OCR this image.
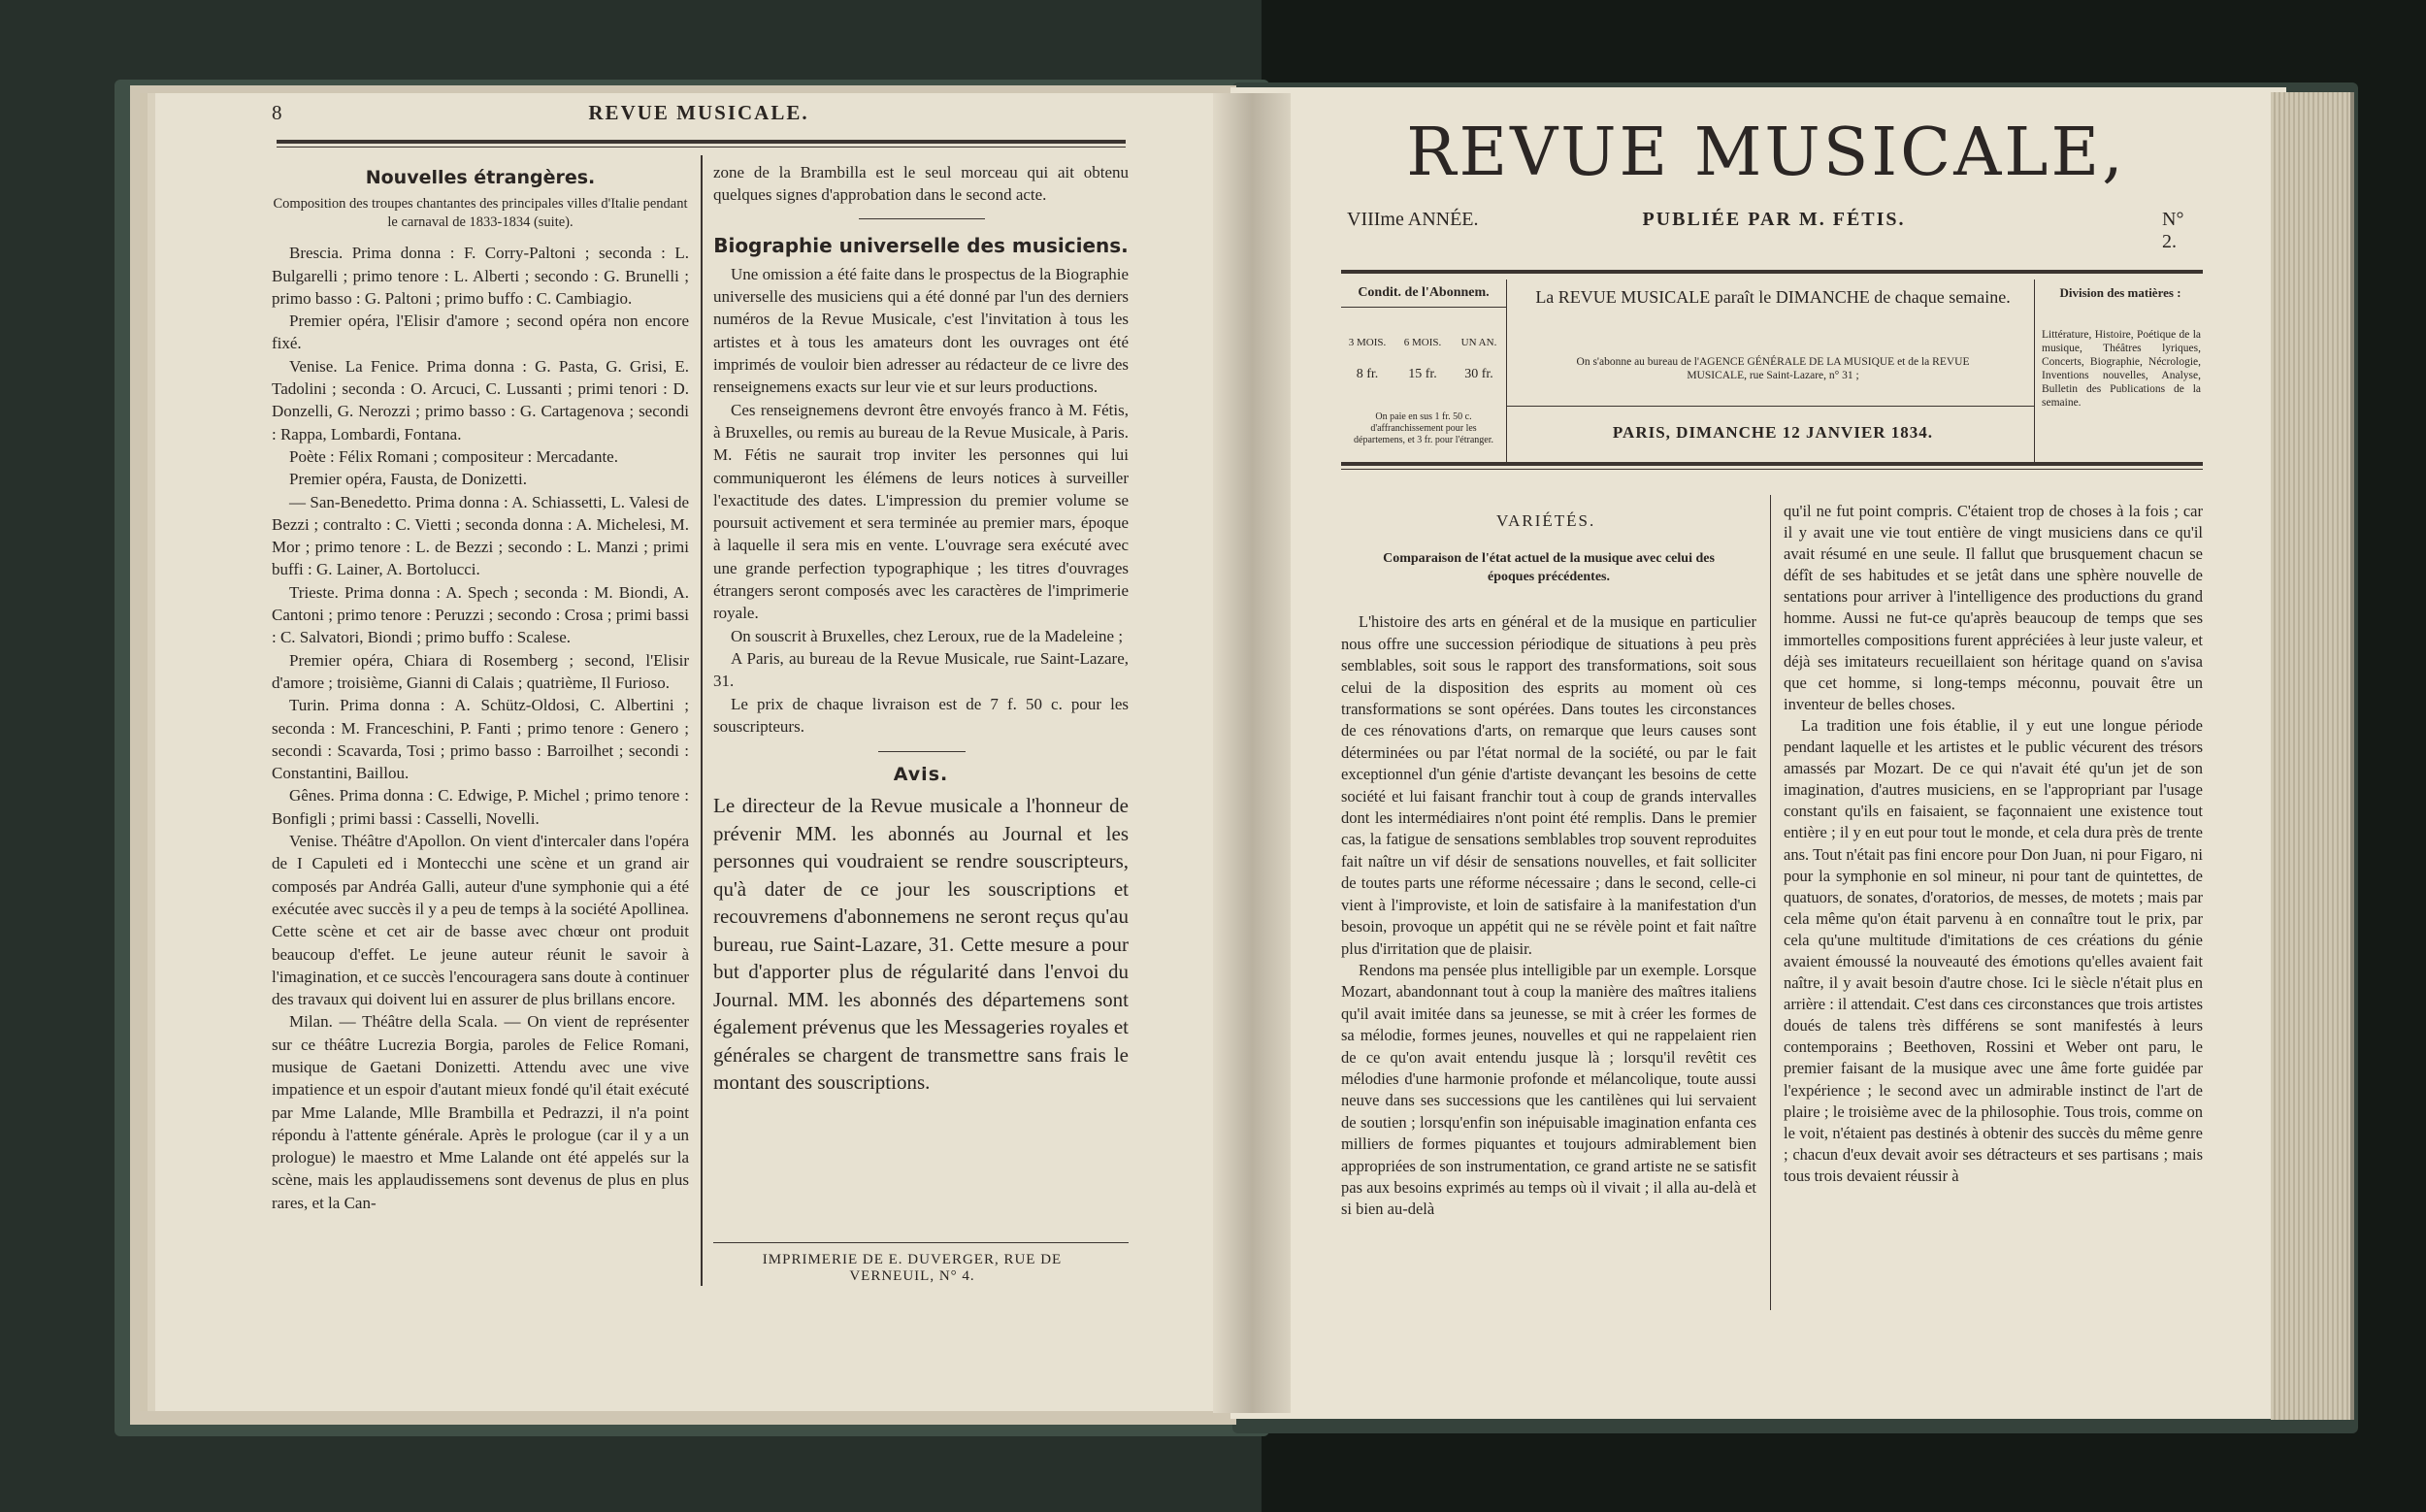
8	REVUE MUSICALE.
Nouvelles étrangères.
Composition des troupes chantantes des principales villes d'Italie pendant le carnaval de 1833-1834 (suite).

Brescia. Prima donna : F. Corry-Paltoni ; seconda : L. Bulgarelli ; primo tenore : L. Alberti ; secondo : G. Brunelli ; primo basso : G. Paltoni ; primo buffo : C. Cambiagio.

Premier opéra, l'Elisir d'amore ; second opéra non encore fixé.

Venise. La Fenice. Prima donna : G. Pasta, G. Grisi, E. Tadolini ; seconda : O. Arcuci, C. Lussanti ; primi tenori : D. Donzelli, G. Nerozzi ; primo basso : G. Cartagenova ; secondi : Rappa, Lombardi, Fontana.

Poète : Félix Romani ; compositeur : Mercadante.

Premier opéra, Fausta, de Donizetti.

— San-Benedetto. Prima donna : A. Schiassetti, L. Valesi de Bezzi ; contralto : C. Vietti ; seconda donna : A. Michelesi, M. Mor ; primo tenore : L. de Bezzi ; secondo : L. Manzi ; primi buffi : G. Lainer, A. Bortolucci.

Trieste. Prima donna : A. Spech ; seconda : M. Biondi, A. Cantoni ; primo tenore : Peruzzi ; secondo : Crosa ; primi bassi : C. Salvatori, Biondi ; primo buffo : Scalese.

Premier opéra, Chiara di Rosemberg ; second, l'Elisir d'amore ; troisième, Gianni di Calais ; quatrième, Il Furioso.

Turin. Prima donna : A. Schütz-Oldosi, C. Albertini ; seconda : M. Franceschini, P. Fanti ; primo tenore : Genero ; secondi : Scavarda, Tosi ; primo basso : Barroilhet ; secondi : Constantini, Baillou.

Gênes. Prima donna : C. Edwige, P. Michel ; primo tenore : Bonfigli ; primi bassi : Casselli, Novelli.

Venise. Théâtre d'Apollon. On vient d'intercaler dans l'opéra de I Capuleti ed i Montecchi une scène et un grand air composés par Andréa Galli, auteur d'une symphonie qui a été exécutée avec succès il y a peu de temps à la société Apollinea. Cette scène et cet air de basse avec chœur ont produit beaucoup d'effet. Le jeune auteur réunit le savoir à l'imagination, et ce succès l'encouragera sans doute à continuer des travaux qui doivent lui en assurer de plus brillans encore.

Milan. — Théâtre della Scala. — On vient de représenter sur ce théâtre Lucrezia Borgia, paroles de Felice Romani, musique de Gaetani Donizetti. Attendu avec une vive impatience et un espoir d'autant mieux fondé qu'il était exécuté par Mme Lalande, Mlle Brambilla et Pedrazzi, il n'a point répondu à l'attente générale. Après le prologue (car il y a un prologue) le maestro et Mme Lalande ont été appelés sur la scène, mais les applaudissemens sont devenus de plus en plus rares, et la Can-

zone de la Brambilla est le seul morceau qui ait obtenu quelques signes d'approbation dans le second acte.

Biographie universelle des musiciens.

Une omission a été faite dans le prospectus de la Biographie universelle des musiciens qui a été donné par l'un des derniers numéros de la Revue Musicale, c'est l'invitation à tous les artistes et à tous les amateurs dont les ouvrages ont été imprimés de vouloir bien adresser au rédacteur de ce livre des renseignemens exacts sur leur vie et sur leurs productions.

Ces renseignemens devront être envoyés franco à M. Fétis, à Bruxelles, ou remis au bureau de la Revue Musicale, à Paris. M. Fétis ne saurait trop inviter les personnes qui lui communiqueront les élémens de leurs notices à surveiller l'exactitude des dates. L'impression du premier volume se poursuit activement et sera terminée au premier mars, époque à laquelle il sera mis en vente. L'ouvrage sera exécuté avec une grande perfection typographique ; les titres d'ouvrages étrangers seront composés avec les caractères de l'imprimerie royale.

On souscrit à Bruxelles, chez Leroux, rue de la Madeleine ;

A Paris, au bureau de la Revue Musicale, rue Saint-Lazare, 31.

Le prix de chaque livraison est de 7 f. 50 c. pour les souscripteurs.

Avis.
Le directeur de la Revue musicale a l'honneur de prévenir MM. les abonnés au Journal et les personnes qui voudraient se rendre souscripteurs, qu'à dater de ce jour les souscriptions et recouvremens d'abonnemens ne seront reçus qu'au bureau, rue Saint-Lazare, 31. Cette mesure a pour but d'apporter plus de régularité dans l'envoi du Journal. MM. les abonnés des départemens sont également prévenus que les Messageries royales et générales se chargent de transmettre sans frais le montant des souscriptions.
IMPRIMERIE DE E. DUVERGER, RUE DE VERNEUIL, N° 4.
REVUE MUSICALE,
VIIIme ANNÉE.	PUBLIÉE PAR M. FÉTIS.	N° 2.
Condit. de l'Abonnem.
3 MOIS.	6 MOIS.	UN AN.
8 fr.	15 fr.	30 fr.
On paie en sus 1 fr. 50 c. d'affranchissement pour les départemens, et 3 fr. pour l'étranger.
La REVUE MUSICALE paraît le DIMANCHE de chaque semaine.
On s'abonne au bureau de l'AGENCE GÉNÉRALE DE LA MUSIQUE et de la REVUE MUSICALE, rue Saint-Lazare, n° 31 ;
PARIS, DIMANCHE 12 JANVIER 1834.
Division des matières :
Littérature, Histoire, Poétique de la musique, Théâtres lyriques, Concerts, Biographie, Nécrologie, Inventions nouvelles, Analyse, Bulletin des Publications de la semaine.
VARIÉTÉS.
Comparaison de l'état actuel de la musique avec celui des époques précédentes.

L'histoire des arts en général et de la musique en particulier nous offre une succession périodique de situations à peu près semblables, soit sous le rapport des transformations, soit sous celui de la disposition des esprits au moment où ces transformations se sont opérées. Dans toutes les circonstances de ces rénovations d'arts, on remarque que leurs causes sont déterminées ou par l'état normal de la société, ou par le fait exceptionnel d'un génie d'artiste devançant les besoins de cette société et lui faisant franchir tout à coup de grands intervalles dont les intermédiaires n'ont point été remplis. Dans le premier cas, la fatigue de sensations semblables trop souvent reproduites fait naître un vif désir de sensations nouvelles, et fait solliciter de toutes parts une réforme nécessaire ; dans le second, celle-ci vient à l'improviste, et loin de satisfaire à la manifestation d'un besoin, provoque un appétit qui ne se révèle point et fait naître plus d'irritation que de plaisir.

Rendons ma pensée plus intelligible par un exemple. Lorsque Mozart, abandonnant tout à coup la manière des maîtres italiens qu'il avait imitée dans sa jeunesse, se mit à créer les formes de sa mélodie, formes jeunes, nouvelles et qui ne rappelaient rien de ce qu'on avait entendu jusque là ; lorsqu'il revêtit ces mélodies d'une harmonie profonde et mélancolique, toute aussi neuve dans ses successions que les cantilènes qui lui servaient de soutien ; lorsqu'enfin son inépuisable imagination enfanta ces milliers de formes piquantes et toujours admirablement bien appropriées de son instrumentation, ce grand artiste ne se satisfit pas aux besoins exprimés au temps où il vivait ; il alla au-delà et si bien au-delà

qu'il ne fut point compris. C'étaient trop de choses à la fois ; car il y avait une vie tout entière de vingt musiciens dans ce qu'il avait résumé en une seule. Il fallut que brusquement chacun se défît de ses habitudes et se jetât dans une sphère nouvelle de sentations pour arriver à l'intelligence des productions du grand homme. Aussi ne fut-ce qu'après beaucoup de temps que ses immortelles compositions furent appréciées à leur juste valeur, et déjà ses imitateurs recueillaient son héritage quand on s'avisa que cet homme, si long-temps méconnu, pouvait être un inventeur de belles choses.

La tradition une fois établie, il y eut une longue période pendant laquelle et les artistes et le public vécurent des trésors amassés par Mozart. De ce qui n'avait été qu'un jet de son imagination, d'autres musiciens, en se l'appropriant par l'usage constant qu'ils en faisaient, se façonnaient une existence tout entière ; il y en eut pour tout le monde, et cela dura près de trente ans. Tout n'était pas fini encore pour Don Juan, ni pour Figaro, ni pour la symphonie en sol mineur, ni pour tant de quintettes, de quatuors, de sonates, d'oratorios, de messes, de motets ; mais par cela même qu'on était parvenu à en connaître tout le prix, par cela qu'une multitude d'imitations de ces créations du génie avaient émoussé la nouveauté des émotions qu'elles avaient fait naître, il y avait besoin d'autre chose. Ici le siècle n'était plus en arrière : il attendait. C'est dans ces circonstances que trois artistes doués de talens très différens se sont manifestés à leurs contemporains ; Beethoven, Rossini et Weber ont paru, le premier faisant de la musique avec une âme forte guidée par l'expérience ; le second avec un admirable instinct de l'art de plaire ; le troisième avec de la philosophie. Tous trois, comme on le voit, n'étaient pas destinés à obtenir des succès du même genre ; chacun d'eux devait avoir ses détracteurs et ses partisans ; mais tous trois devaient réussir à
